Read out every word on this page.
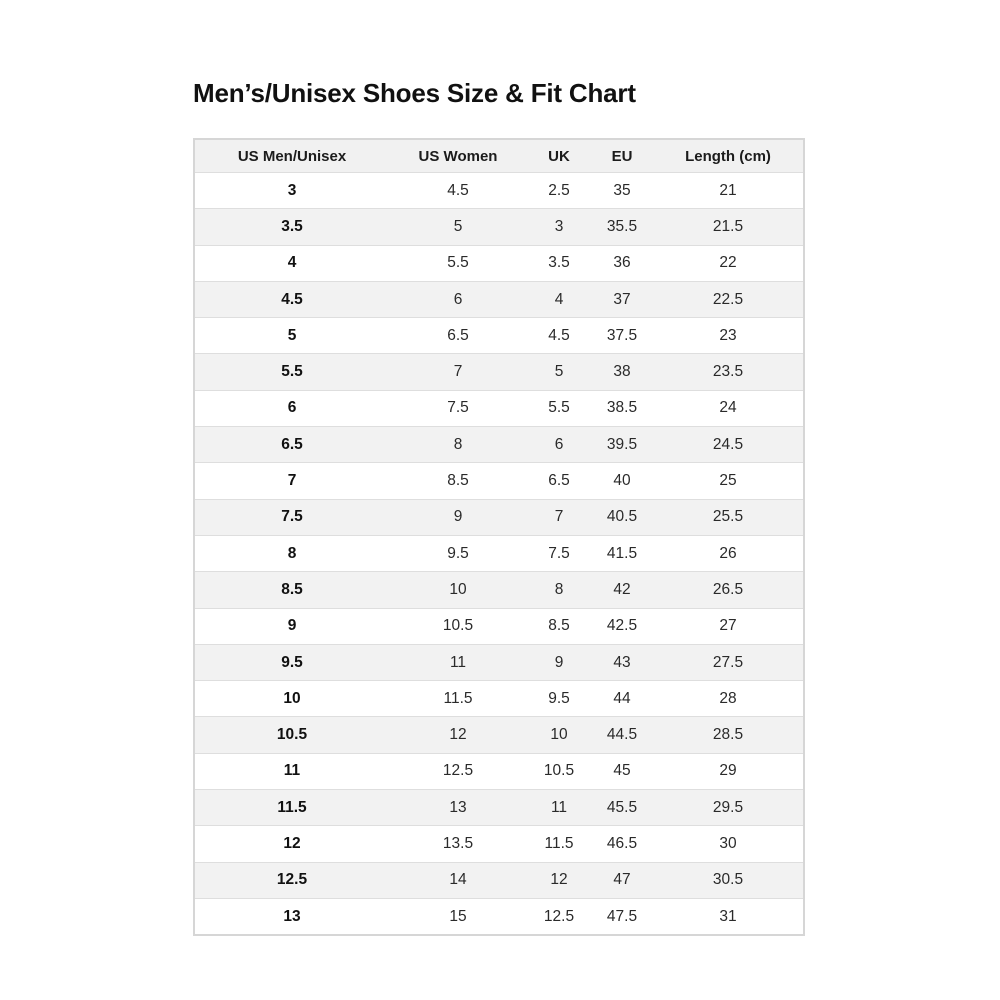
Men’s/Unisex Shoes Size & Fit Chart
US Men/Unisex	US Women	UK	EU	Length (cm)
3	4.5	2.5	35	21
3.5	5	3	35.5	21.5
4	5.5	3.5	36	22
4.5	6	4	37	22.5
5	6.5	4.5	37.5	23
5.5	7	5	38	23.5
6	7.5	5.5	38.5	24
6.5	8	6	39.5	24.5
7	8.5	6.5	40	25
7.5	9	7	40.5	25.5
8	9.5	7.5	41.5	26
8.5	10	8	42	26.5
9	10.5	8.5	42.5	27
9.5	11	9	43	27.5
10	11.5	9.5	44	28
10.5	12	10	44.5	28.5
11	12.5	10.5	45	29
11.5	13	11	45.5	29.5
12	13.5	11.5	46.5	30
12.5	14	12	47	30.5
13	15	12.5	47.5	31
